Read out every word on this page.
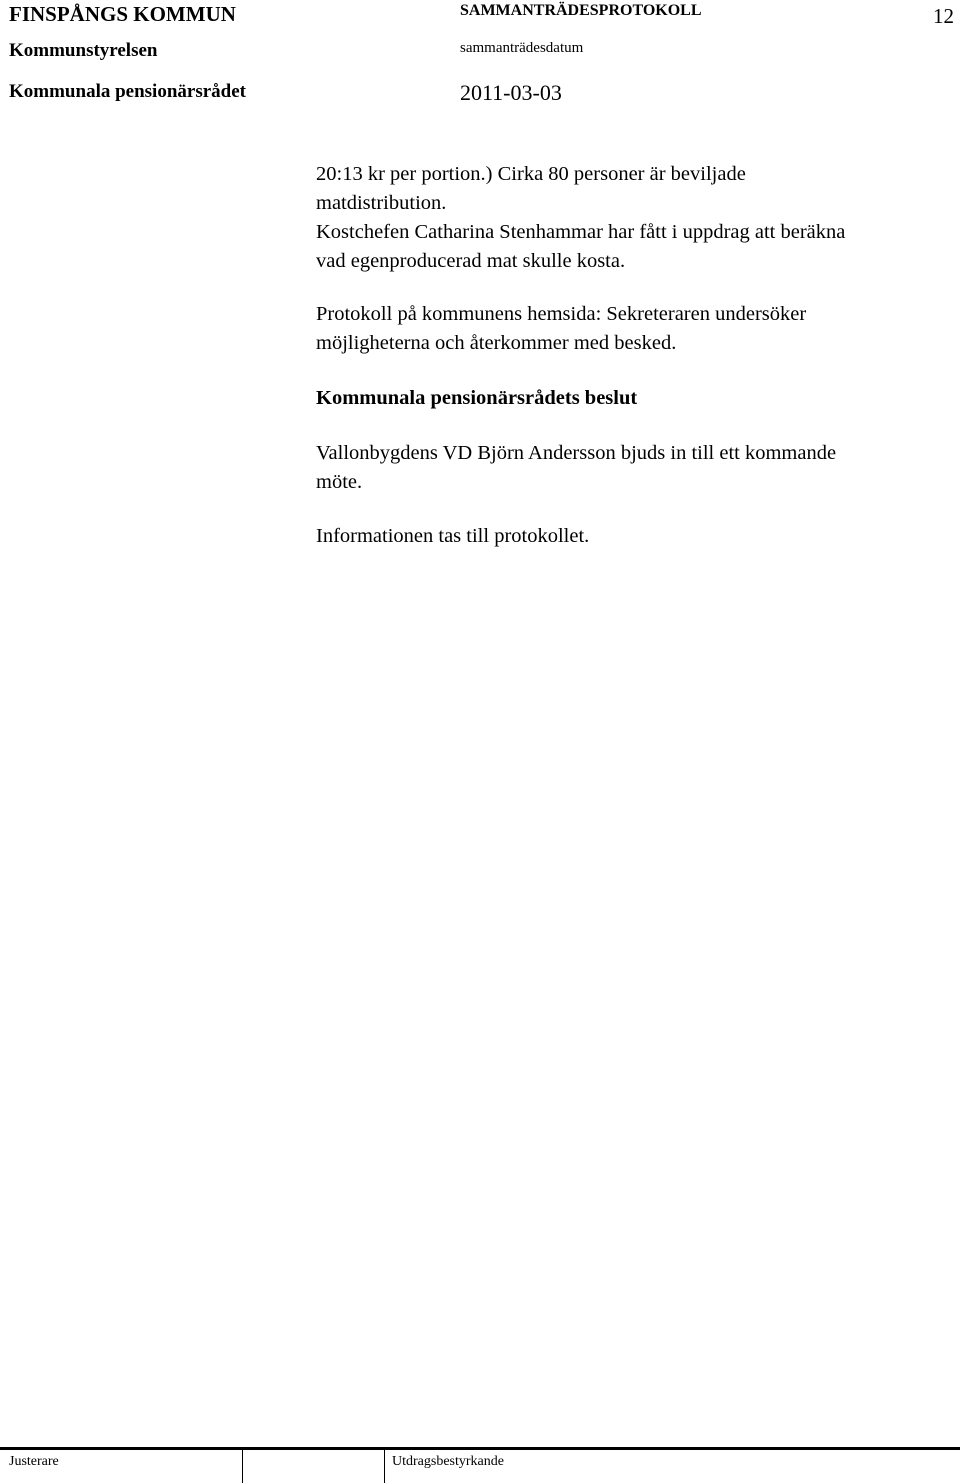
FINSPÅNGS KOMMUN	SAMMANTRÄDESPROTOKOLL	12
Kommunstyrelsen	sammanträdesdatum
Kommunala pensionärsrådet	2011-03-03
20:13 kr per portion.) Cirka 80 personer är beviljade
matdistribution.
Kostchefen Catharina Stenhammar har fått i uppdrag att beräkna
vad egenproducerad mat skulle kosta.
Protokoll på kommunens hemsida: Sekreteraren undersöker
möjligheterna och återkommer med besked.
Kommunala pensionärsrådets beslut
Vallonbygdens VD Björn Andersson bjuds in till ett kommande
möte.
Informationen tas till protokollet.
Justerare	Utdragsbestyrkande
